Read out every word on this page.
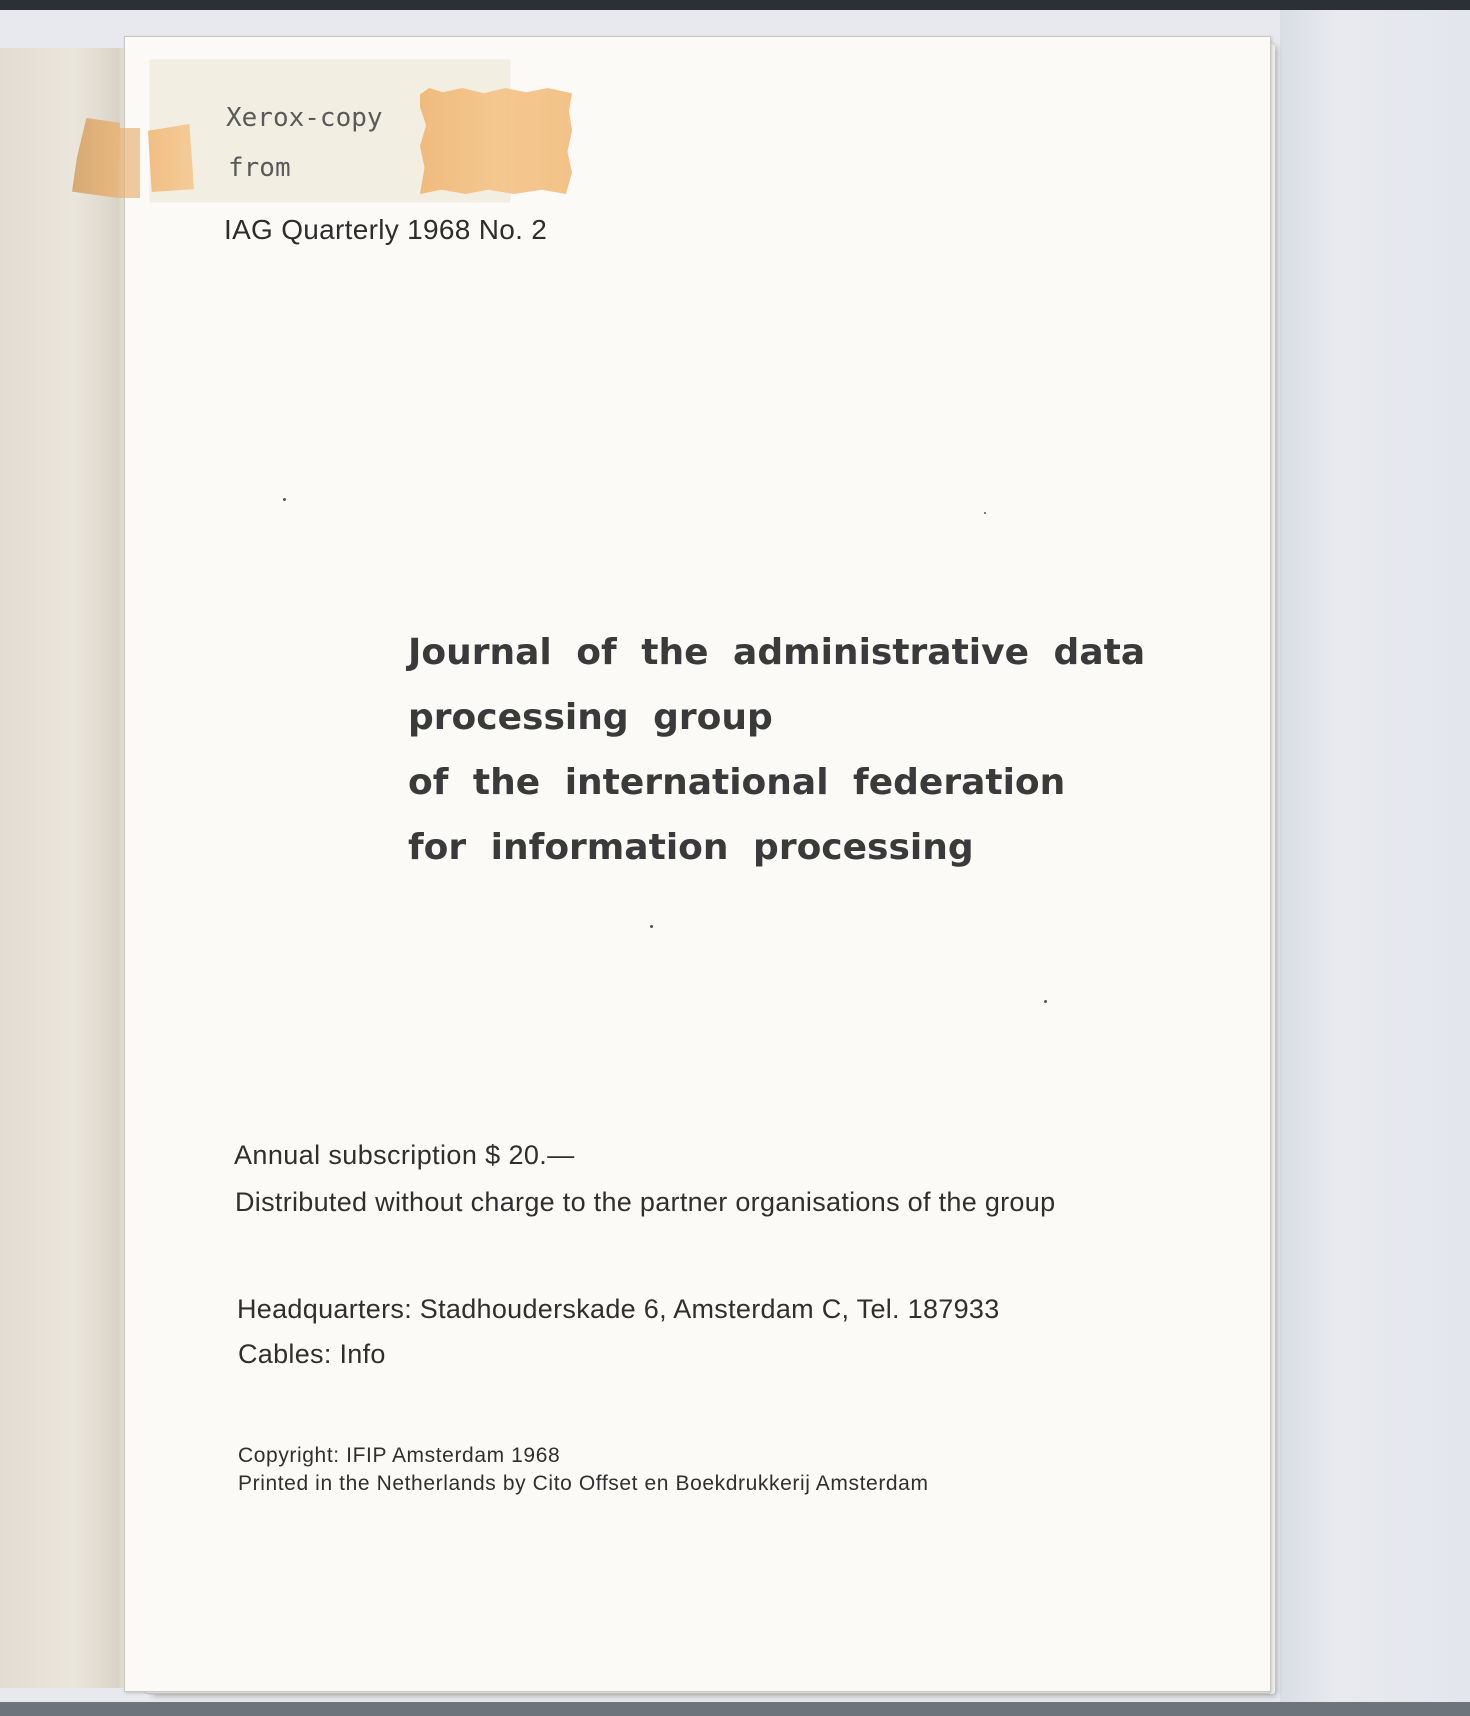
Xerox-copy
from
IAG Quarterly 1968 No. 2
Journal of the administrative data
processing group
of the international federation
for information processing
Annual subscription $ 20.—
Distributed without charge to the partner organisations of the group
Headquarters: Stadhouderskade 6, Amsterdam C, Tel. 187933
Cables: Info
Copyright: IFIP Amsterdam 1968
Printed in the Netherlands by Cito Offset en Boekdrukkerij Amsterdam
